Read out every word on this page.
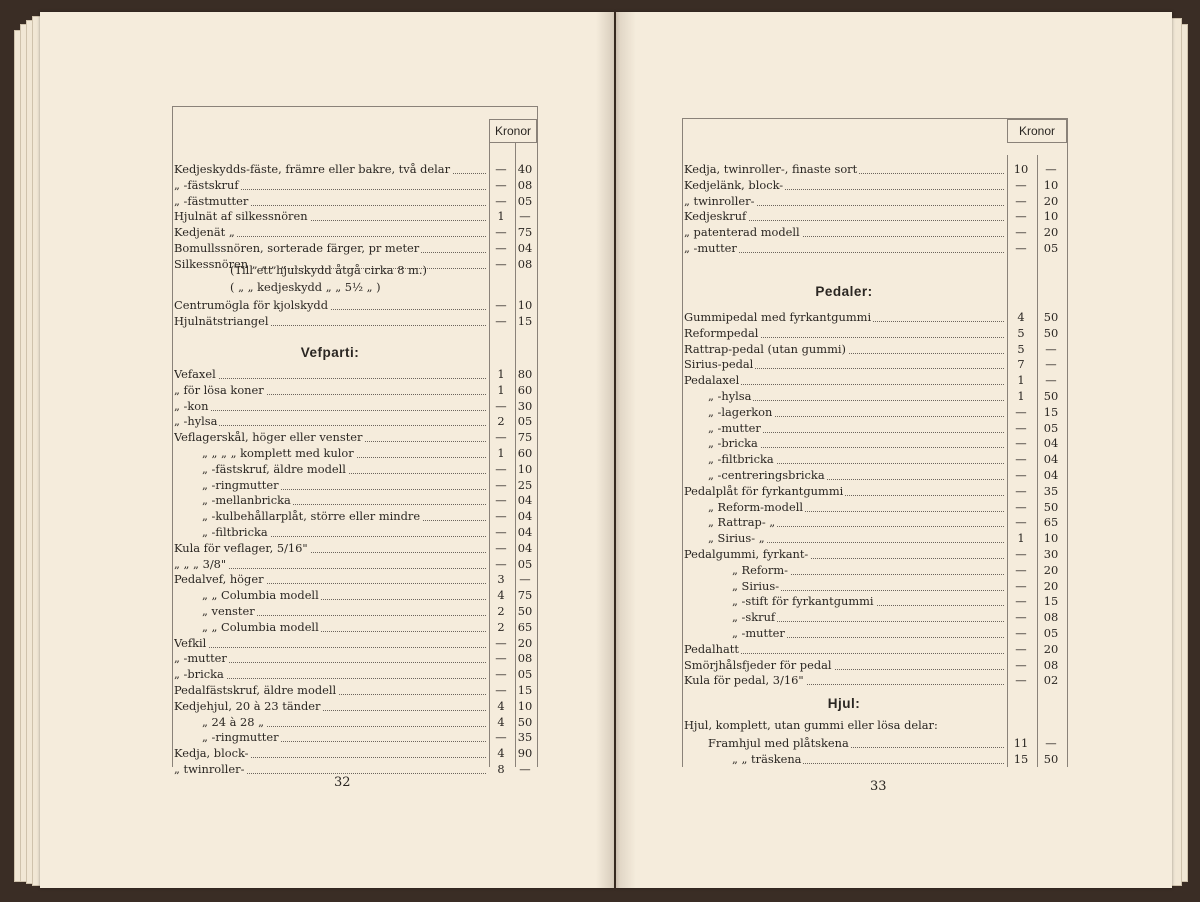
Kronor
Kedjeskydds-fäste, främre eller bakre, två delar	— 40
„ -fästskruf	— 08
„ -fästmutter	— 05
Hjulnät af silkessnören	1	—
Kedjenät „	— 75
Bomullssnören, sorterade färger, pr meter	— 04
Silkessnören „ „ „ „	— 08
Centrumögla för kjolskydd	— 10
Hjulnätstriangel	— 15
Vefaxel	1	80
„ för lösa koner	1	60
„ -kon	— 30
„ -hylsa	2	05
Veflagerskål, höger eller venster	— 75
„ „ „ „ komplett med kulor	1	60
„ -fästskruf, äldre modell	— 10
„ -ringmutter	— 25
„ -mellanbricka	— 04
„ -kulbehållarplåt, större eller mindre	— 04
„ -filtbricka	— 04
Kula för veflager, 5/16"	— 04
„ „ „ 3/8"	— 05
Pedalvef, höger	3	—
„ „ Columbia modell	4	75
„ venster	2	50
„ „ Columbia modell	2	65
Vefkil	— 20
„ -mutter	— 08
„ -bricka	— 05
Pedalfästskruf, äldre modell	— 15
Kedjehjul, 20 à 23 tänder	4	10
„ 24 à 28 „	4	50
„ -ringmutter	— 35
Kedja, block-	4	90
„ twinroller-	8	—
Vefparti:
(Till ett hjulskydd åtgå cirka 8 m.)
( „ „ kedjeskydd „ „ 5½ „ )
32
Kronor
Kedja, twinroller-, finaste sort	10	—
Kedjelänk, block-	—	10
„ twinroller-	—	20
Kedjeskruf	—	10
„ patenterad modell	—	20
„ -mutter	—	05
Gummipedal med fyrkantgummi	4	50
Reformpedal	5	50
Rattrap-pedal (utan gummi)	5	—
Sirius-pedal	7	—
Pedalaxel	1	—
„ -hylsa	1	50
„ -lagerkon	—	15
„ -mutter	—	05
„ -bricka	—	04
„ -filtbricka	—	04
„ -centreringsbricka	—	04
Pedalplåt för fyrkantgummi	—	35
„ Reform-modell	—	50
„ Rattrap- „	—	65
„ Sirius- „	1	10
Pedalgummi, fyrkant-	—	30
„ Reform-	—	20
„ Sirius-	—	20
„ -stift för fyrkantgummi	—	15
„ -skruf	—	08
„ -mutter	—	05
Pedalhatt	—	20
Smörjhålsfjeder för pedal	—	08
Kula för pedal, 3/16"	—	02
Framhjul med plåtskena	11	—
„ „ träskena	15	50
Pedaler:
Hjul:
Hjul, komplett, utan gummi eller lösa delar:
33
